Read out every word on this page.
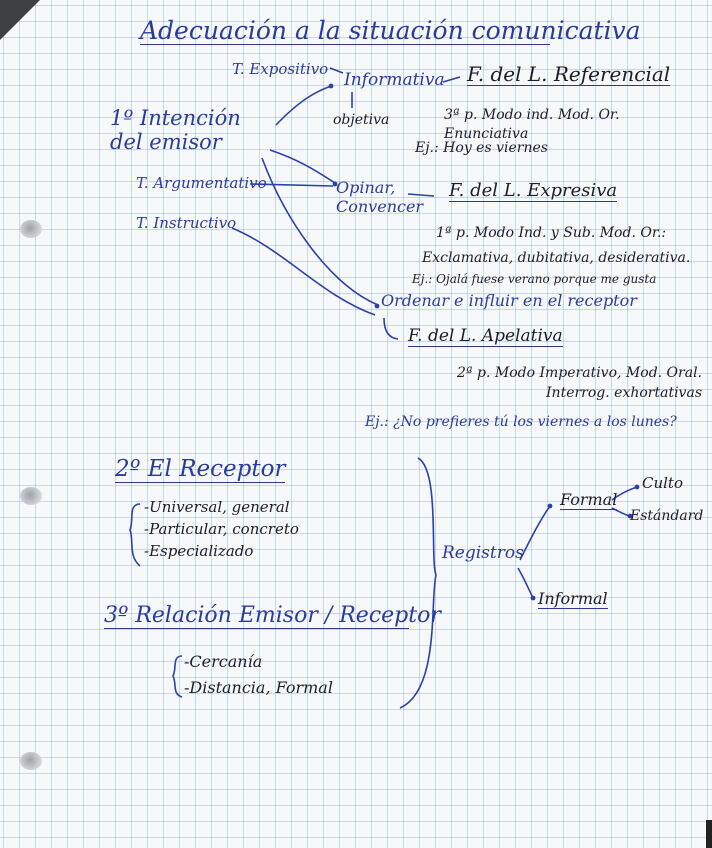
Adecuación a la situación comunicativa
1º Intención del emisor
T. Expositivo
T. Argumentativo
T. Instructivo
Informativa
objetiva
F. del L. Referencial
3ª p. Modo ind. Mod. Or. Enunciativa
Ej.: Hoy es viernes
Opinar, Convencer
F. del L. Expresiva
1ª p. Modo Ind. y Sub. Mod. Or.:
Exclamativa, dubitativa, desiderativa.
Ej.: Ojalá fuese verano porque me gusta
Ordenar e influir en el receptor
F. del L. Apelativa
2ª p. Modo Imperativo, Mod. Oral. Interrog. exhortativas
Ej.: ¿No prefieres tú los viernes a los lunes?
2º El Receptor
-Universal, general
-Particular, concreto
-Especializado
3º Relación Emisor / Receptor
-Cercanía
-Distancia, Formal
Registros
Formal
Culto
Estándard
Informal
